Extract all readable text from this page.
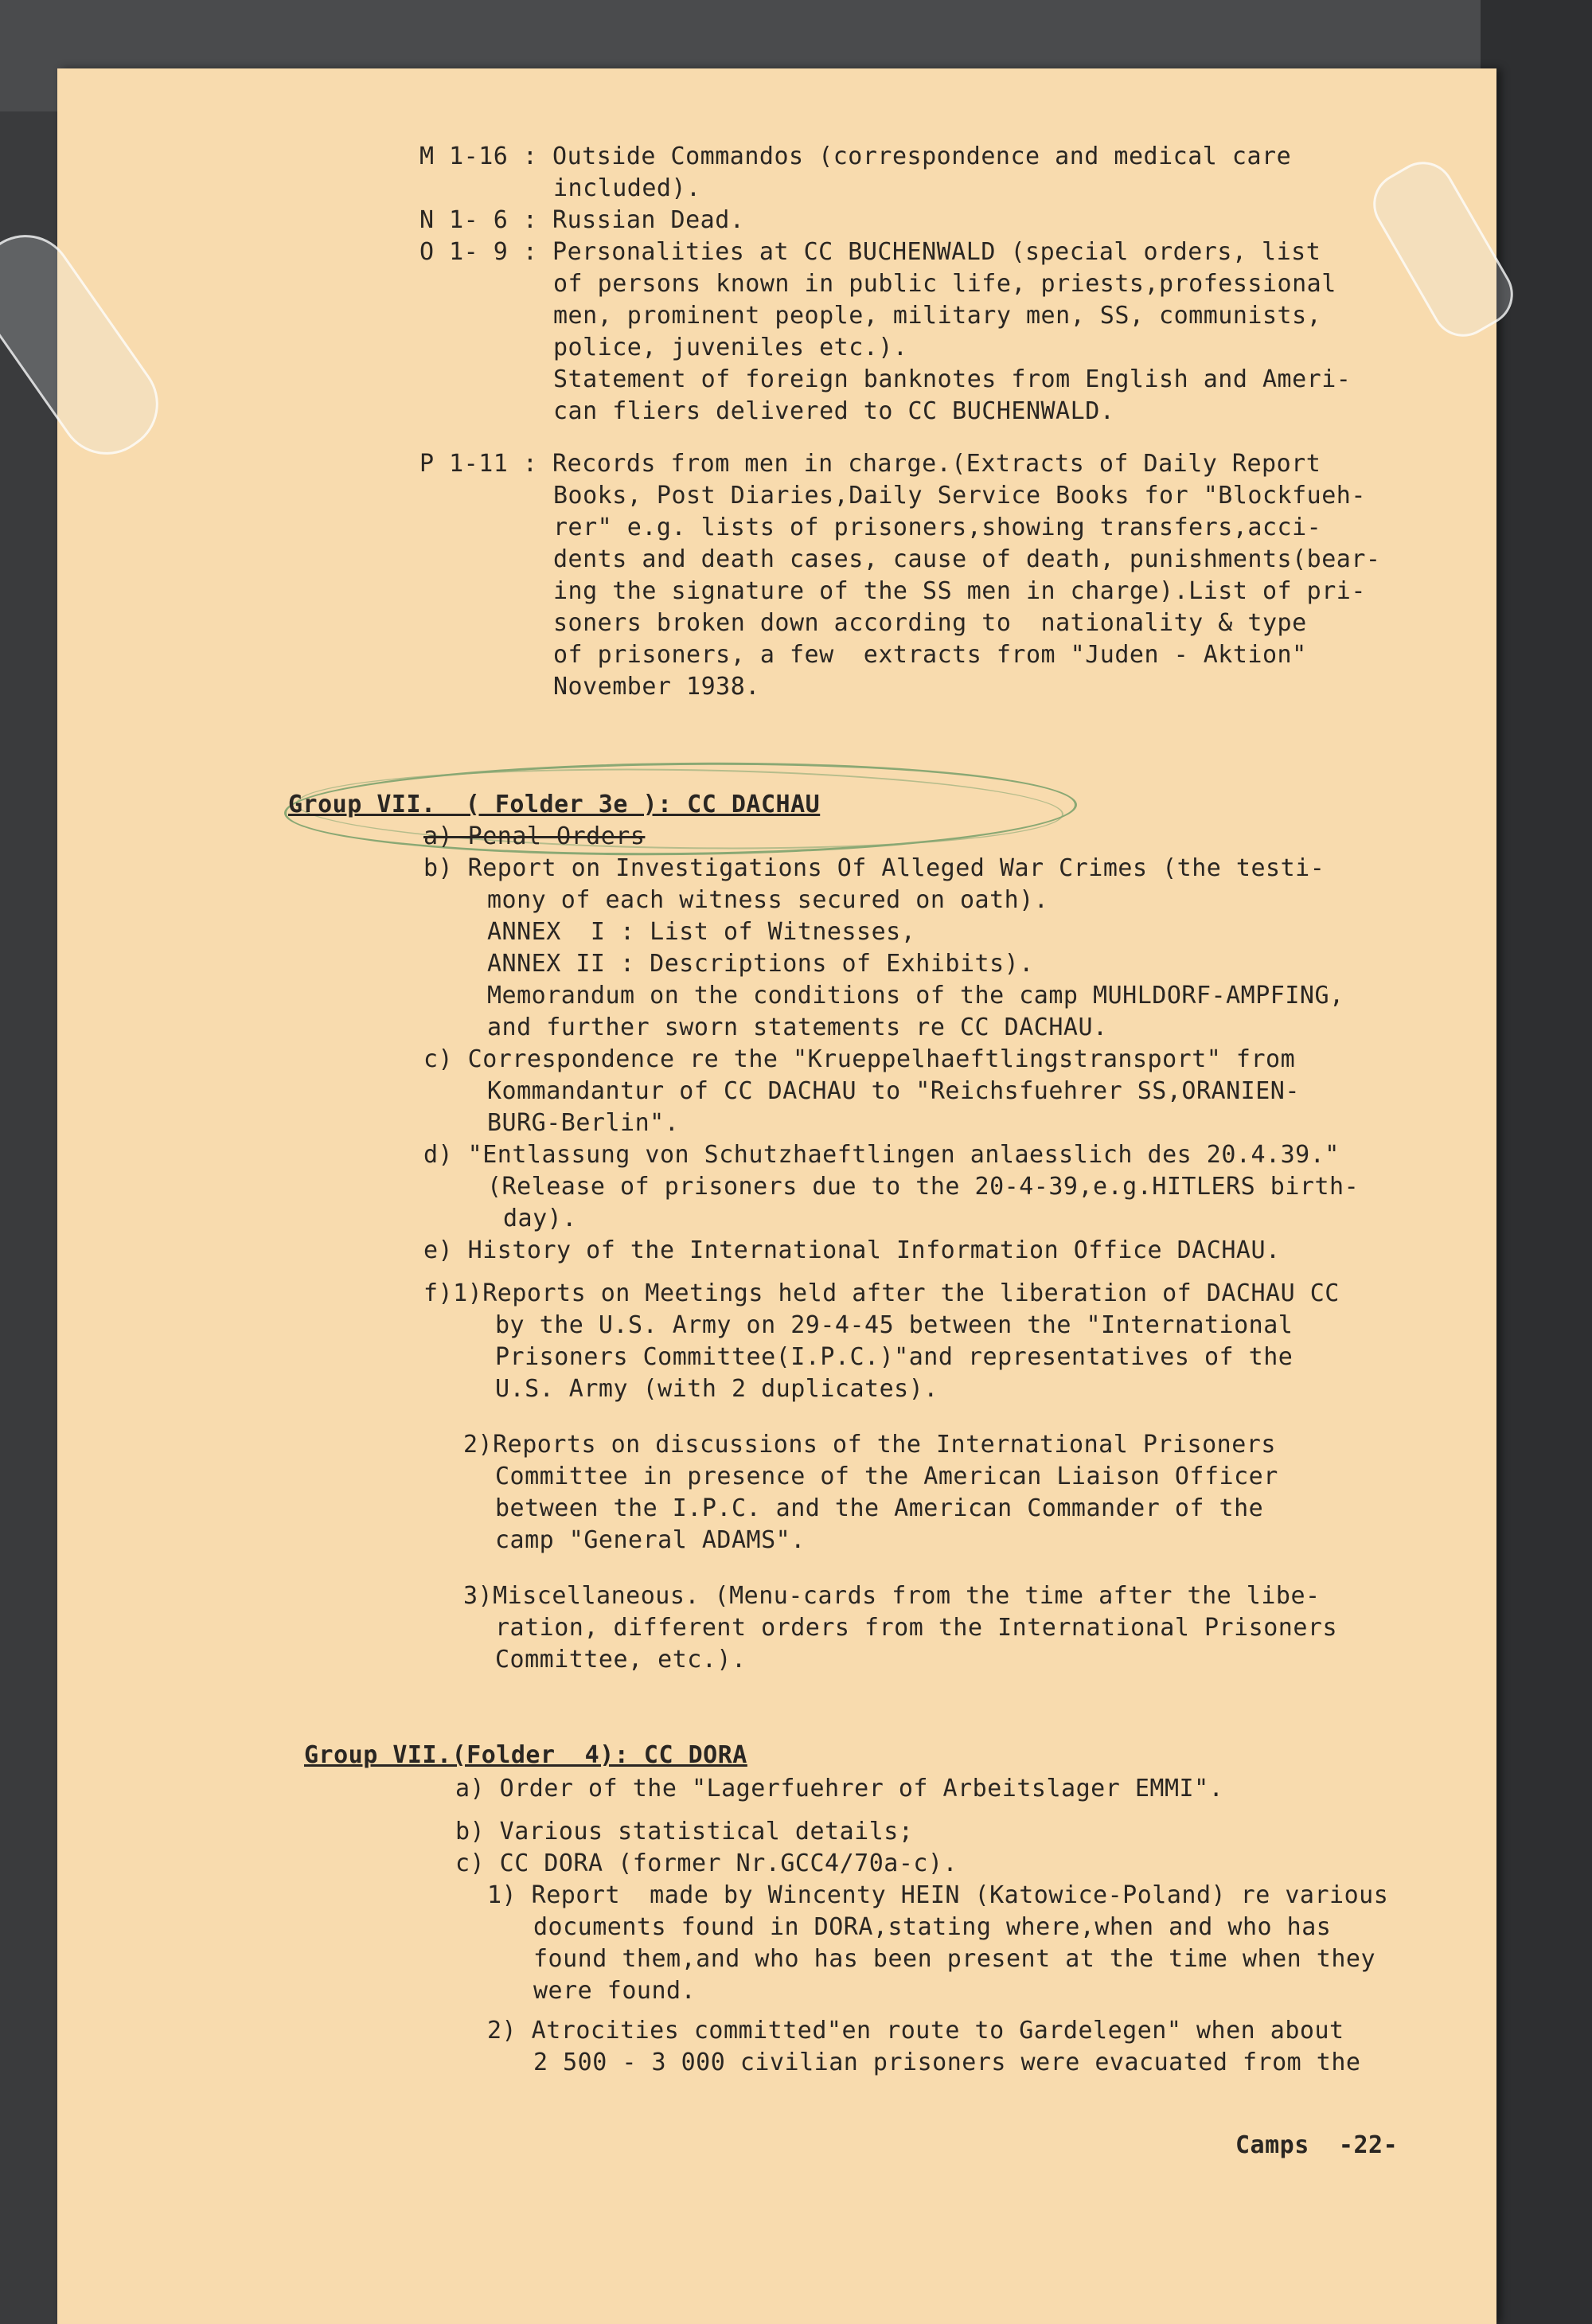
M 1-16 : Outside Commandos (correspondence and medical care
included).
N 1- 6 : Russian Dead.
O 1- 9 : Personalities at CC BUCHENWALD (special orders, list
of persons known in public life, priests,professional
men, prominent people, military men, SS, communists,
police, juveniles etc.).
Statement of foreign banknotes from English and Ameri-
can fliers delivered to CC BUCHENWALD.
P 1-11 : Records from men in charge.(Extracts of Daily Report
Books, Post Diaries,Daily Service Books for "Blockfueh-
rer" e.g. lists of prisoners,showing transfers,acci-
dents and death cases, cause of death, punishments(bear-
ing the signature of the SS men in charge).List of pri-
soners broken down according to  nationality & type
of prisoners, a few  extracts from "Juden - Aktion"
November 1938.
Group VII.  ( Folder 3e ): CC DACHAU
a) Penal Orders
b) Report on Investigations Of Alleged War Crimes (the testi-
mony of each witness secured on oath).
ANNEX  I : List of Witnesses,
ANNEX II : Descriptions of Exhibits).
Memorandum on the conditions of the camp MUHLDORF-AMPFING,
and further sworn statements re CC DACHAU.
c) Correspondence re the "Krueppelhaeftlingstransport" from
Kommandantur of CC DACHAU to "Reichsfuehrer SS,ORANIEN-
BURG-Berlin".
d) "Entlassung von Schutzhaeftlingen anlaesslich des 20.4.39."
(Release of prisoners due to the 20-4-39,e.g.HITLERS birth-
day).
e) History of the International Information Office DACHAU.
f)1)Reports on Meetings held after the liberation of DACHAU CC
by the U.S. Army on 29-4-45 between the "International
Prisoners Committee(I.P.C.)"and representatives of the
U.S. Army (with 2 duplicates).
2)Reports on discussions of the International Prisoners
Committee in presence of the American Liaison Officer
between the I.P.C. and the American Commander of the
camp "General ADAMS".
3)Miscellaneous. (Menu-cards from the time after the libe-
ration, different orders from the International Prisoners
Committee, etc.).
Group VII.(Folder  4): CC DORA
a) Order of the "Lagerfuehrer of Arbeitslager EMMI".
b) Various statistical details;
c) CC DORA (former Nr.GCC4/70a-c).
1) Report  made by Wincenty HEIN (Katowice-Poland) re various
documents found in DORA,stating where,when and who has
found them,and who has been present at the time when they
were found.
2) Atrocities committed"en route to Gardelegen" when about
2 500 - 3 000 civilian prisoners were evacuated from the
Camps  -22-
